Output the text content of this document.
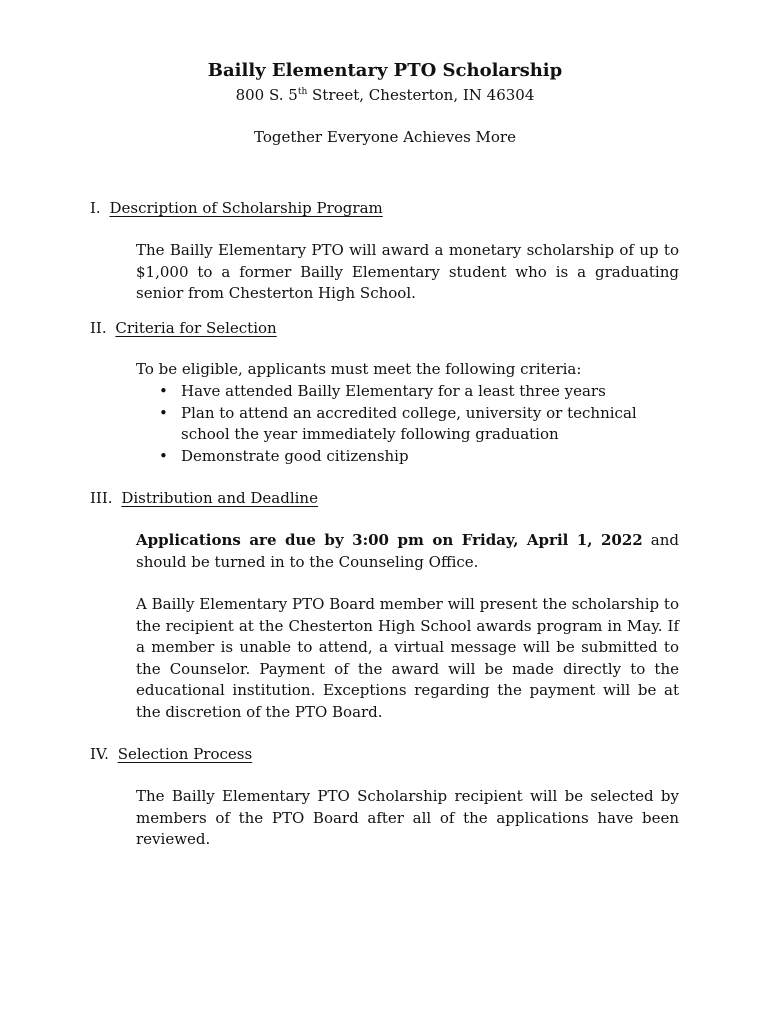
Bailly Elementary PTO Scholarship

800 S. 5th Street, Chesterton, IN 46304

Together Everyone Achieves More

I. Description of Scholarship Program

The Bailly Elementary PTO will award a monetary scholarship of up to $1,000 to a former Bailly Elementary student who is a graduating senior from Chesterton High School.

II. Criteria for Selection

To be eligible, applicants must meet the following criteria:

• Have attended Bailly Elementary for a least three years
• Plan to attend an accredited college, university or technical school the year immediately following graduation
• Demonstrate good citizenship
III. Distribution and Deadline

Applications are due by 3:00 pm on Friday, April 1, 2022 and should be turned in to the Counseling Office.

A Bailly Elementary PTO Board member will present the scholarship to the recipient at the Chesterton High School awards program in May. If a member is unable to attend, a virtual message will be submitted to the Counselor. Payment of the award will be made directly to the educational institution. Exceptions regarding the payment will be at the discretion of the PTO Board.

IV. Selection Process

The Bailly Elementary PTO Scholarship recipient will be selected by members of the PTO Board after all of the applications have been reviewed.
